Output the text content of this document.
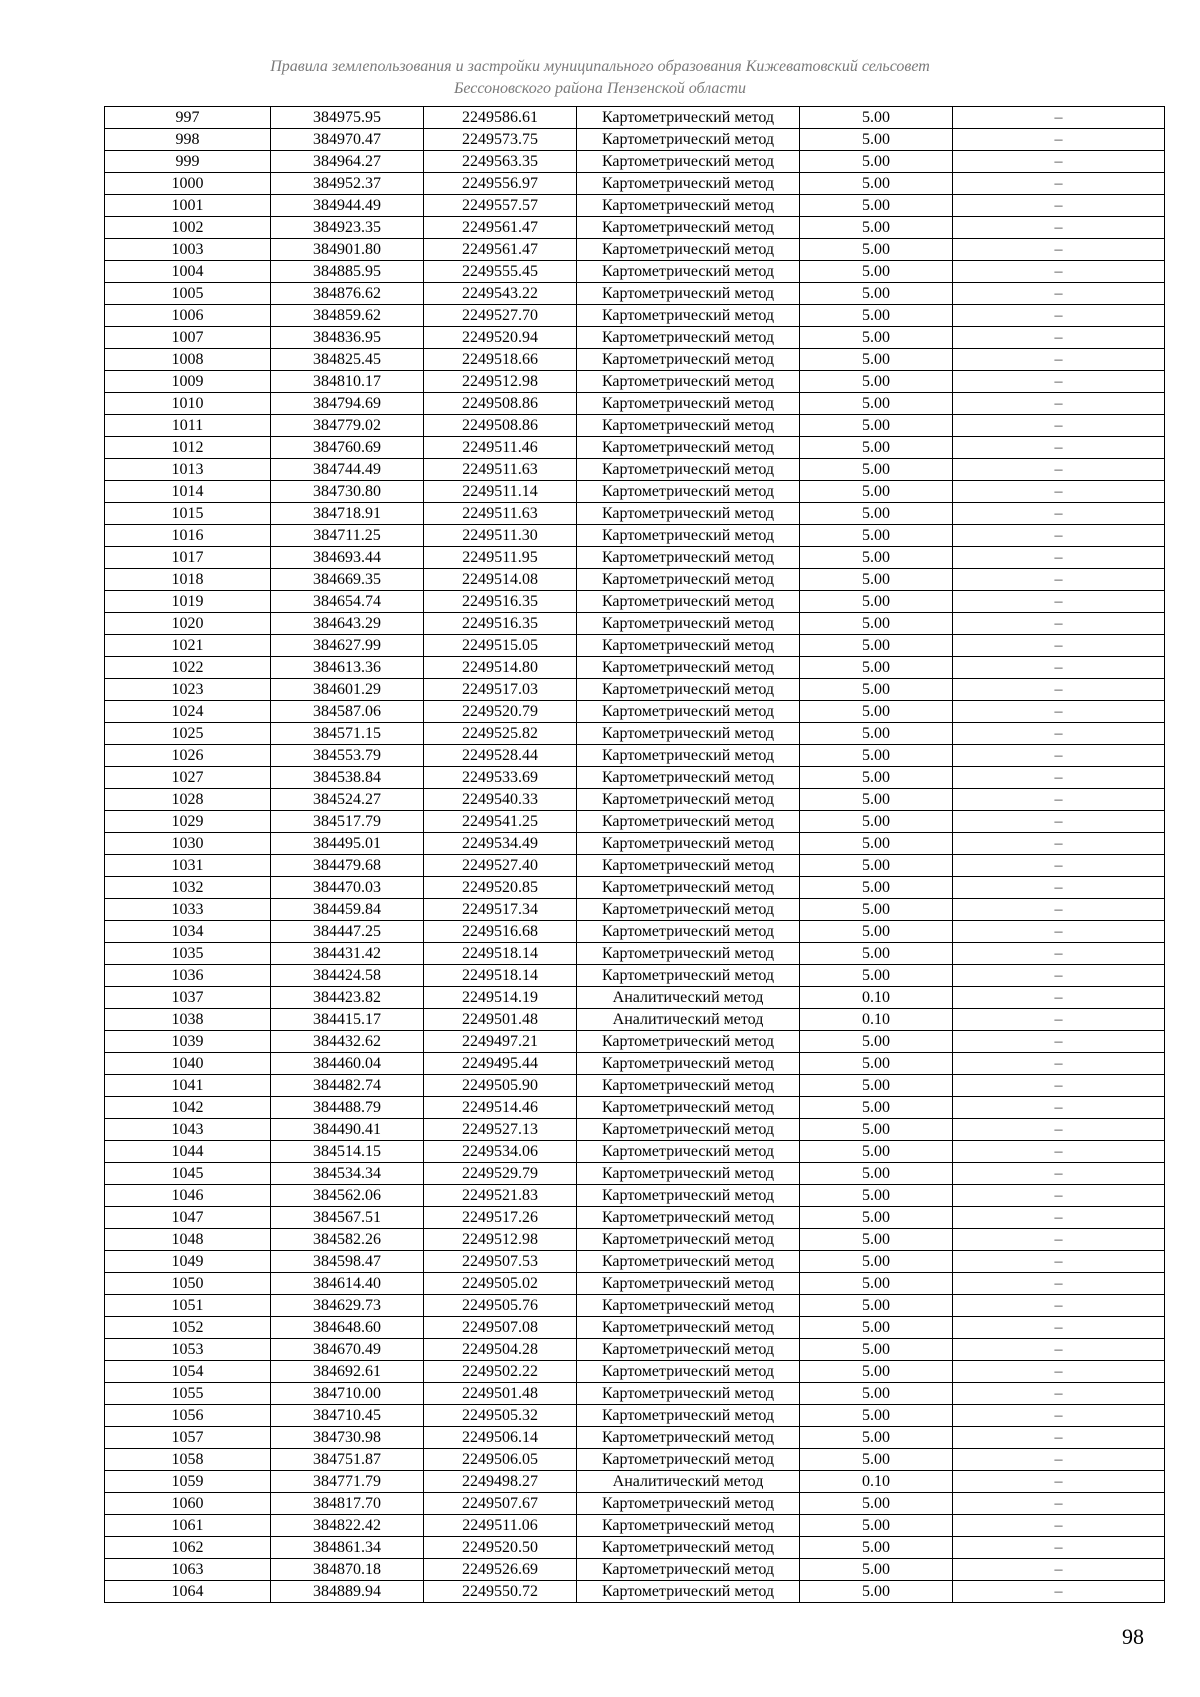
Правила землепользования и застройки муниципального образования Кижеватовский сельсовет
Бессоновского района Пензенской области
997	384975.95	2249586.61	Картометрический метод	5.00	–
998	384970.47	2249573.75	Картометрический метод	5.00	–
999	384964.27	2249563.35	Картометрический метод	5.00	–
1000	384952.37	2249556.97	Картометрический метод	5.00	–
1001	384944.49	2249557.57	Картометрический метод	5.00	–
1002	384923.35	2249561.47	Картометрический метод	5.00	–
1003	384901.80	2249561.47	Картометрический метод	5.00	–
1004	384885.95	2249555.45	Картометрический метод	5.00	–
1005	384876.62	2249543.22	Картометрический метод	5.00	–
1006	384859.62	2249527.70	Картометрический метод	5.00	–
1007	384836.95	2249520.94	Картометрический метод	5.00	–
1008	384825.45	2249518.66	Картометрический метод	5.00	–
1009	384810.17	2249512.98	Картометрический метод	5.00	–
1010	384794.69	2249508.86	Картометрический метод	5.00	–
1011	384779.02	2249508.86	Картометрический метод	5.00	–
1012	384760.69	2249511.46	Картометрический метод	5.00	–
1013	384744.49	2249511.63	Картометрический метод	5.00	–
1014	384730.80	2249511.14	Картометрический метод	5.00	–
1015	384718.91	2249511.63	Картометрический метод	5.00	–
1016	384711.25	2249511.30	Картометрический метод	5.00	–
1017	384693.44	2249511.95	Картометрический метод	5.00	–
1018	384669.35	2249514.08	Картометрический метод	5.00	–
1019	384654.74	2249516.35	Картометрический метод	5.00	–
1020	384643.29	2249516.35	Картометрический метод	5.00	–
1021	384627.99	2249515.05	Картометрический метод	5.00	–
1022	384613.36	2249514.80	Картометрический метод	5.00	–
1023	384601.29	2249517.03	Картометрический метод	5.00	–
1024	384587.06	2249520.79	Картометрический метод	5.00	–
1025	384571.15	2249525.82	Картометрический метод	5.00	–
1026	384553.79	2249528.44	Картометрический метод	5.00	–
1027	384538.84	2249533.69	Картометрический метод	5.00	–
1028	384524.27	2249540.33	Картометрический метод	5.00	–
1029	384517.79	2249541.25	Картометрический метод	5.00	–
1030	384495.01	2249534.49	Картометрический метод	5.00	–
1031	384479.68	2249527.40	Картометрический метод	5.00	–
1032	384470.03	2249520.85	Картометрический метод	5.00	–
1033	384459.84	2249517.34	Картометрический метод	5.00	–
1034	384447.25	2249516.68	Картометрический метод	5.00	–
1035	384431.42	2249518.14	Картометрический метод	5.00	–
1036	384424.58	2249518.14	Картометрический метод	5.00	–
1037	384423.82	2249514.19	Аналитический метод	0.10	–
1038	384415.17	2249501.48	Аналитический метод	0.10	–
1039	384432.62	2249497.21	Картометрический метод	5.00	–
1040	384460.04	2249495.44	Картометрический метод	5.00	–
1041	384482.74	2249505.90	Картометрический метод	5.00	–
1042	384488.79	2249514.46	Картометрический метод	5.00	–
1043	384490.41	2249527.13	Картометрический метод	5.00	–
1044	384514.15	2249534.06	Картометрический метод	5.00	–
1045	384534.34	2249529.79	Картометрический метод	5.00	–
1046	384562.06	2249521.83	Картометрический метод	5.00	–
1047	384567.51	2249517.26	Картометрический метод	5.00	–
1048	384582.26	2249512.98	Картометрический метод	5.00	–
1049	384598.47	2249507.53	Картометрический метод	5.00	–
1050	384614.40	2249505.02	Картометрический метод	5.00	–
1051	384629.73	2249505.76	Картометрический метод	5.00	–
1052	384648.60	2249507.08	Картометрический метод	5.00	–
1053	384670.49	2249504.28	Картометрический метод	5.00	–
1054	384692.61	2249502.22	Картометрический метод	5.00	–
1055	384710.00	2249501.48	Картометрический метод	5.00	–
1056	384710.45	2249505.32	Картометрический метод	5.00	–
1057	384730.98	2249506.14	Картометрический метод	5.00	–
1058	384751.87	2249506.05	Картометрический метод	5.00	–
1059	384771.79	2249498.27	Аналитический метод	0.10	–
1060	384817.70	2249507.67	Картометрический метод	5.00	–
1061	384822.42	2249511.06	Картометрический метод	5.00	–
1062	384861.34	2249520.50	Картометрический метод	5.00	–
1063	384870.18	2249526.69	Картометрический метод	5.00	–
1064	384889.94	2249550.72	Картометрический метод	5.00	–
98
